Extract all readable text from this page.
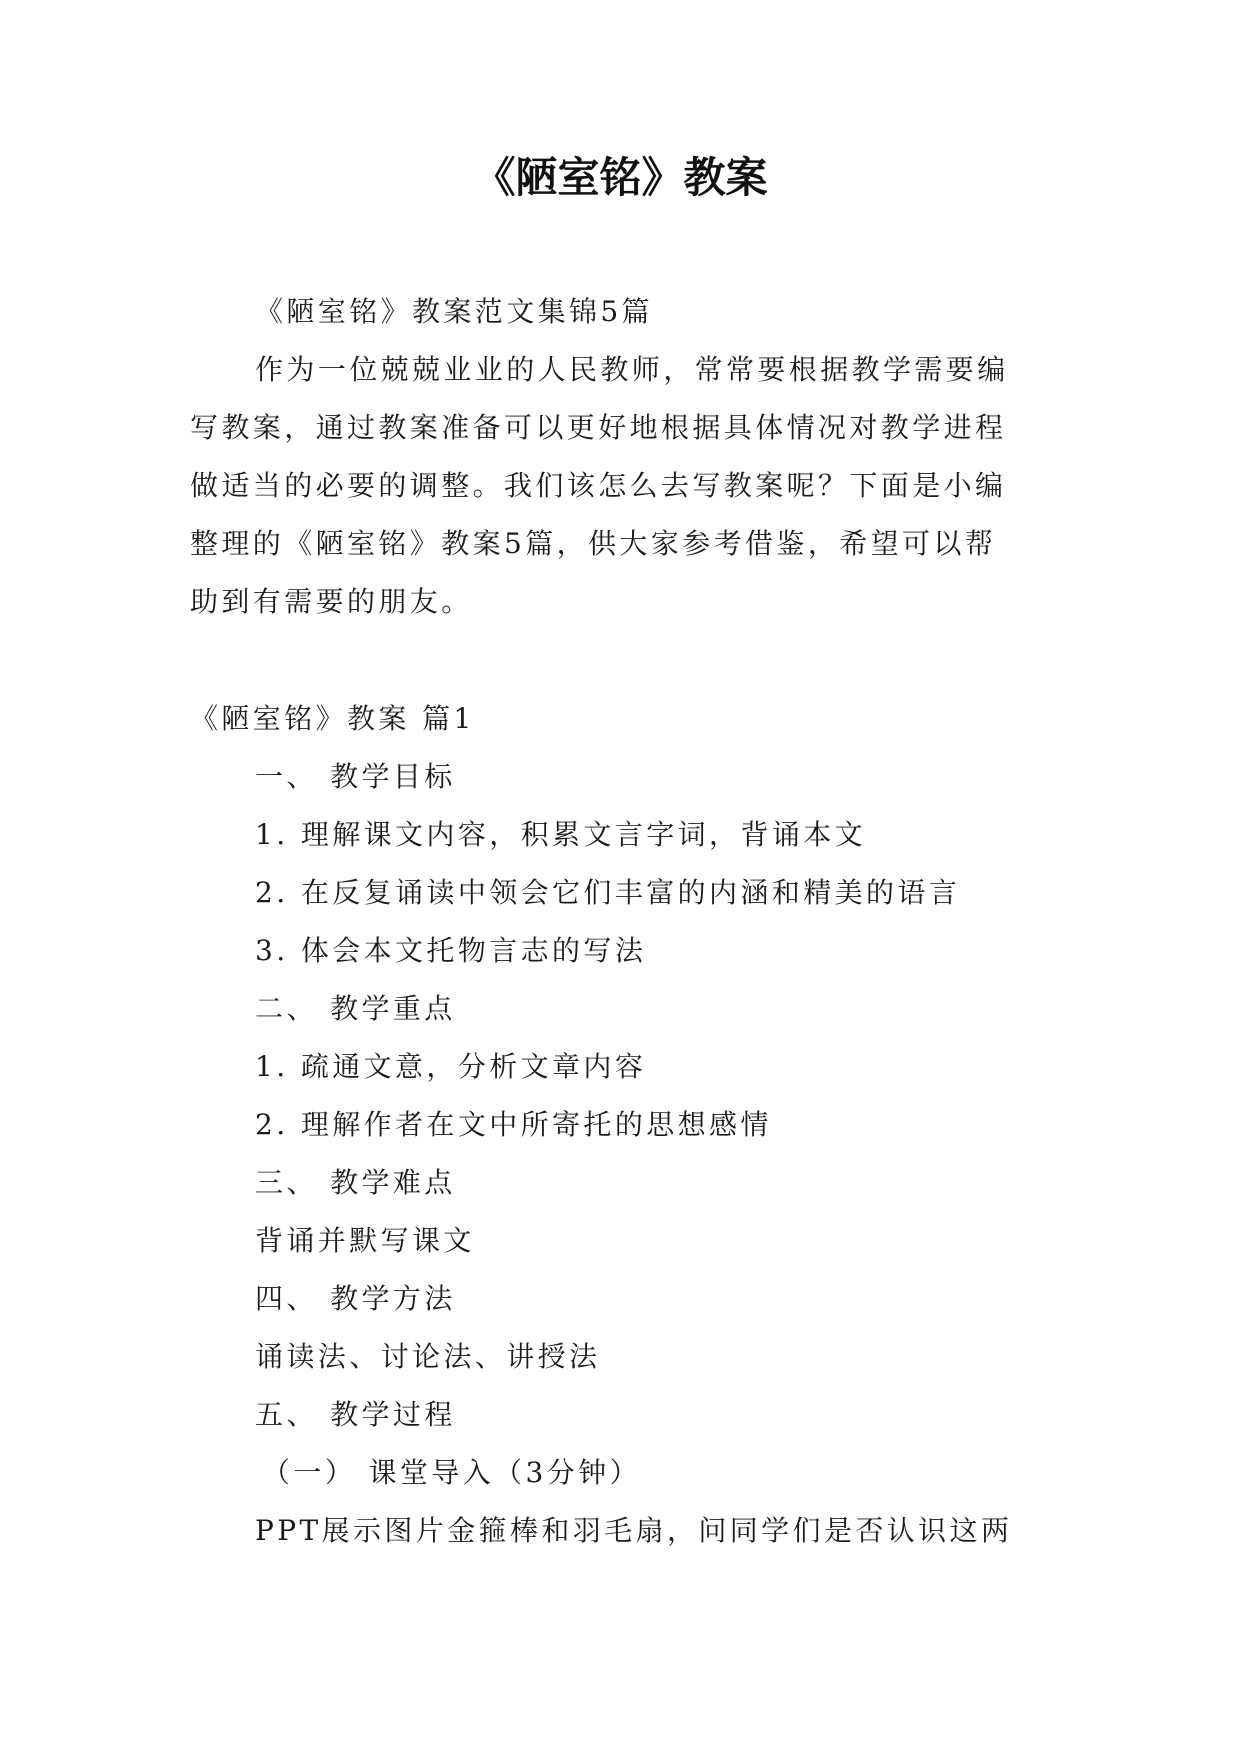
《陋室铭》教案
《陋室铭》教案范文集锦5篇
作为一位兢兢业业的人民教师，常常要根据教学需要编
写教案，通过教案准备可以更好地根据具体情况对教学进程
做适当的必要的调整。我们该怎么去写教案呢？下面是小编
整理的《陋室铭》教案5篇，供大家参考借鉴，希望可以帮
助到有需要的朋友。
《陋室铭》教案 篇1
一、 教学目标
1. 理解课文内容，积累文言字词，背诵本文
2. 在反复诵读中领会它们丰富的内涵和精美的语言
3. 体会本文托物言志的写法
二、 教学重点
1. 疏通文意，分析文章内容
2. 理解作者在文中所寄托的思想感情
三、 教学难点
背诵并默写课文
四、 教学方法
诵读法、讨论法、讲授法
五、 教学过程
（一） 课堂导入（3分钟）
PPT展示图片金箍棒和羽毛扇，问同学们是否认识这两
